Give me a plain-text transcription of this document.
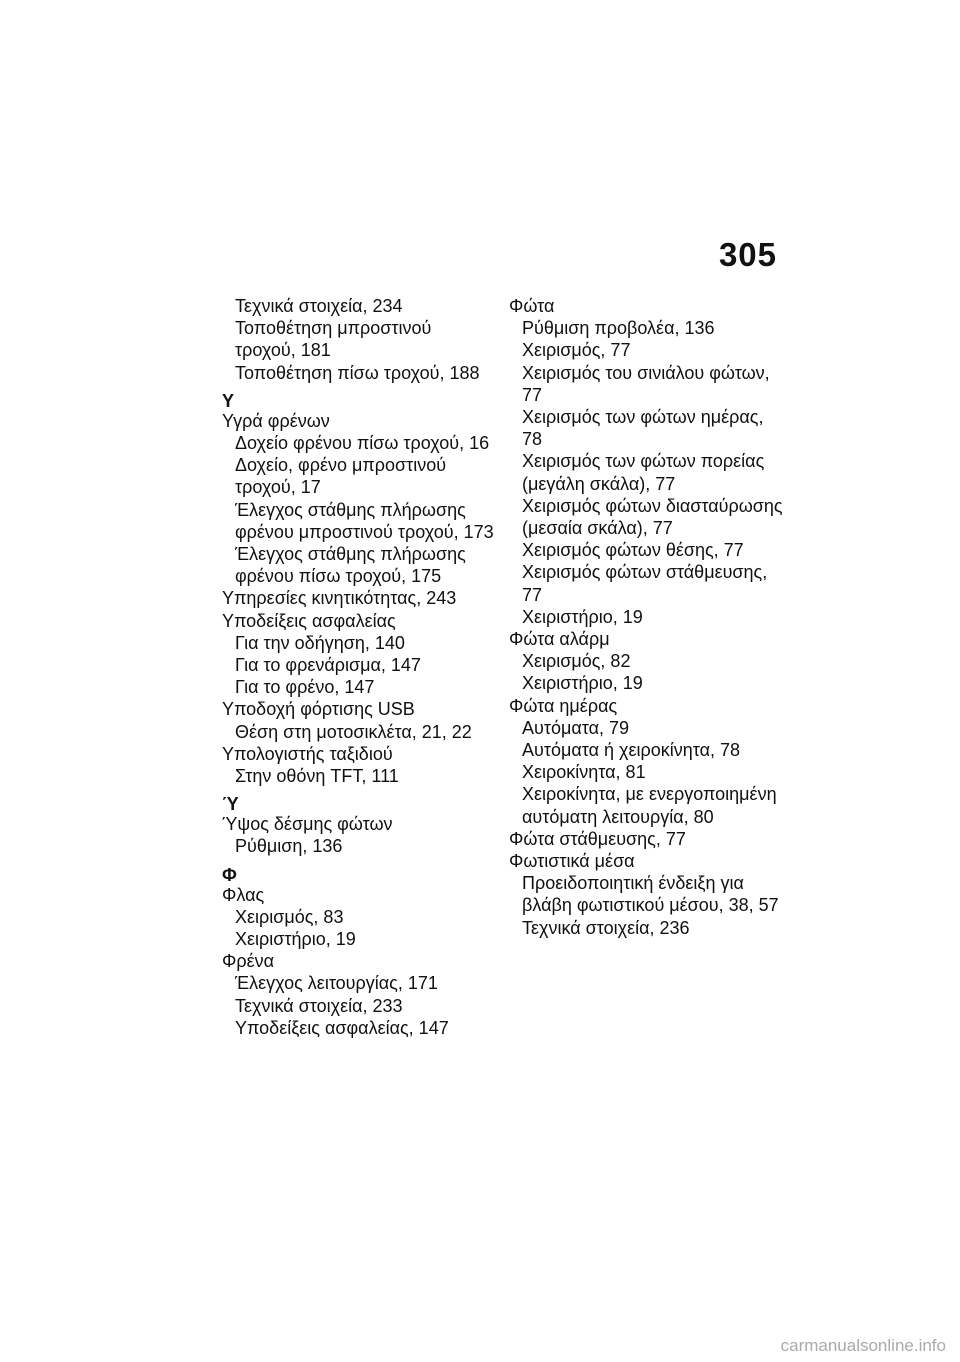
305
Τεχνικά στοιχεία, 234
Τοποθέτηση μπροστινού τροχού, 181
Τοποθέτηση πίσω τροχού, 188
Υ
Υγρά φρένων
Δοχείο φρένου πίσω τροχού, 16
Δοχείο, φρένο μπροστινού τροχού, 17
Έλεγχος στάθμης πλήρωσης φρένου μπροστινού τροχού, 173
Έλεγχος στάθμης πλήρωσης φρένου πίσω τροχού, 175
Υπηρεσίες κινητικότητας, 243
Υποδείξεις ασφαλείας
Για την οδήγηση, 140
Για το φρενάρισμα, 147
Για το φρένο, 147
Υποδοχή φόρτισης USB
Θέση στη μοτοσικλέτα, 21, 22
Υπολογιστής ταξιδιού
Στην οθόνη TFT, 111
Ύ
Ύψος δέσμης φώτων
Ρύθμιση, 136
Φ
Φλας
Χειρισμός, 83
Χειριστήριο, 19
Φρένα
Έλεγχος λειτουργίας, 171
Τεχνικά στοιχεία, 233
Υποδείξεις ασφαλείας, 147
Φώτα
Ρύθμιση προβολέα, 136
Χειρισμός, 77
Χειρισμός του σινιάλου φώτων, 77
Χειρισμός των φώτων ημέρας, 78
Χειρισμός των φώτων πορείας (μεγάλη σκάλα), 77
Χειρισμός φώτων διασταύρωσης (μεσαία σκάλα), 77
Χειρισμός φώτων θέσης, 77
Χειρισμός φώτων στάθμευσης, 77
Χειριστήριο, 19
Φώτα αλάρμ
Χειρισμός, 82
Χειριστήριο, 19
Φώτα ημέρας
Αυτόματα, 79
Αυτόματα ή χειροκίνητα, 78
Χειροκίνητα, 81
Χειροκίνητα, με ενεργοποιημένη αυτόματη λειτουργία, 80
Φώτα στάθμευσης, 77
Φωτιστικά μέσα
Προειδοποιητική ένδειξη για βλάβη φωτιστικού μέσου, 38, 57
Τεχνικά στοιχεία, 236
carmanualsonline.info
